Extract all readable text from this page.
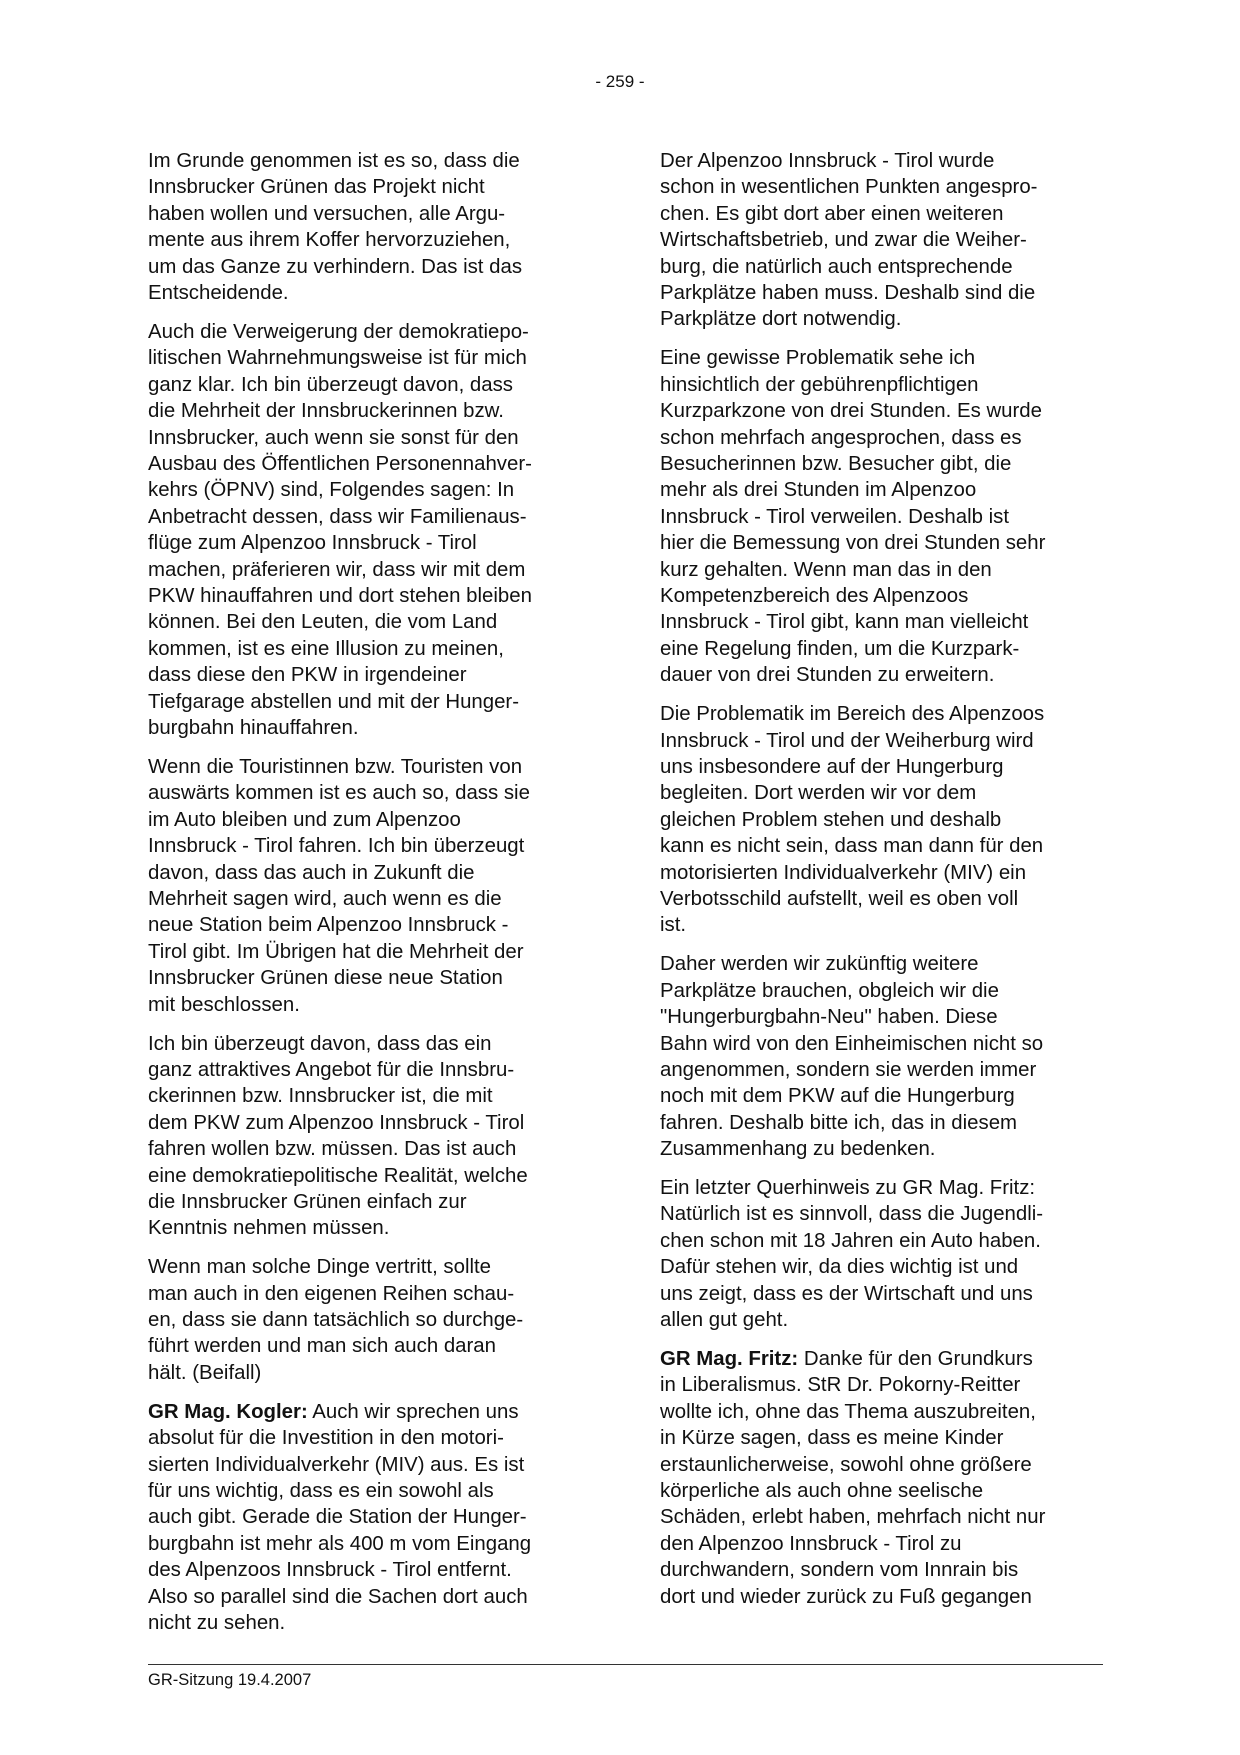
- 259 -

Im Grunde genommen ist es so, dass die
Innsbrucker Grünen das Projekt nicht
haben wollen und versuchen, alle Argu-
mente aus ihrem Koffer hervorzuziehen,
um das Ganze zu verhindern. Das ist das
Entscheidende.

Auch die Verweigerung der demokratiepo-
litischen Wahrnehmungsweise ist für mich
ganz klar. Ich bin überzeugt davon, dass
die Mehrheit der Innsbruckerinnen bzw.
Innsbrucker, auch wenn sie sonst für den
Ausbau des Öffentlichen Personennahver-
kehrs (ÖPNV) sind, Folgendes sagen: In
Anbetracht dessen, dass wir Familienaus-
flüge zum Alpenzoo Innsbruck - Tirol
machen, präferieren wir, dass wir mit dem
PKW hinauffahren und dort stehen bleiben
können. Bei den Leuten, die vom Land
kommen, ist es eine Illusion zu meinen,
dass diese den PKW in irgendeiner
Tiefgarage abstellen und mit der Hunger-
burgbahn hinauffahren.

Wenn die Touristinnen bzw. Touristen von
auswärts kommen ist es auch so, dass sie
im Auto bleiben und zum Alpenzoo
Innsbruck - Tirol fahren. Ich bin überzeugt
davon, dass das auch in Zukunft die
Mehrheit sagen wird, auch wenn es die
neue Station beim Alpenzoo Innsbruck -
Tirol gibt. Im Übrigen hat die Mehrheit der
Innsbrucker Grünen diese neue Station
mit beschlossen.

Ich bin überzeugt davon, dass das ein
ganz attraktives Angebot für die Innsbru-
ckerinnen bzw. Innsbrucker ist, die mit
dem PKW zum Alpenzoo Innsbruck - Tirol
fahren wollen bzw. müssen. Das ist auch
eine demokratiepolitische Realität, welche
die Innsbrucker Grünen einfach zur
Kenntnis nehmen müssen.

Wenn man solche Dinge vertritt, sollte
man auch in den eigenen Reihen schau-
en, dass sie dann tatsächlich so durchge-
führt werden und man sich auch daran
hält. (Beifall)

GR Mag. Kogler: Auch wir sprechen uns
absolut für die Investition in den motori-
sierten Individualverkehr (MIV) aus. Es ist
für uns wichtig, dass es ein sowohl als
auch gibt. Gerade die Station der Hunger-
burgbahn ist mehr als 400 m vom Eingang
des Alpenzoos Innsbruck - Tirol entfernt.
Also so parallel sind die Sachen dort auch
nicht zu sehen.

Der Alpenzoo Innsbruck - Tirol wurde
schon in wesentlichen Punkten angespro-
chen. Es gibt dort aber einen weiteren
Wirtschaftsbetrieb, und zwar die Weiher-
burg, die natürlich auch entsprechende
Parkplätze haben muss. Deshalb sind die
Parkplätze dort notwendig.

Eine gewisse Problematik sehe ich
hinsichtlich der gebührenpflichtigen
Kurzparkzone von drei Stunden. Es wurde
schon mehrfach angesprochen, dass es
Besucherinnen bzw. Besucher gibt, die
mehr als drei Stunden im Alpenzoo
Innsbruck - Tirol verweilen. Deshalb ist
hier die Bemessung von drei Stunden sehr
kurz gehalten. Wenn man das in den
Kompetenzbereich des Alpenzoos
Innsbruck - Tirol gibt, kann man vielleicht
eine Regelung finden, um die Kurzpark-
dauer von drei Stunden zu erweitern.

Die Problematik im Bereich des Alpenzoos
Innsbruck - Tirol und der Weiherburg wird
uns insbesondere auf der Hungerburg
begleiten. Dort werden wir vor dem
gleichen Problem stehen und deshalb
kann es nicht sein, dass man dann für den
motorisierten Individualverkehr (MIV) ein
Verbotsschild aufstellt, weil es oben voll
ist.

Daher werden wir zukünftig weitere
Parkplätze brauchen, obgleich wir die
"Hungerburgbahn-Neu" haben. Diese
Bahn wird von den Einheimischen nicht so
angenommen, sondern sie werden immer
noch mit dem PKW auf die Hungerburg
fahren. Deshalb bitte ich, das in diesem
Zusammenhang zu bedenken.

Ein letzter Querhinweis zu GR Mag. Fritz:
Natürlich ist es sinnvoll, dass die Jugendli-
chen schon mit 18 Jahren ein Auto haben.
Dafür stehen wir, da dies wichtig ist und
uns zeigt, dass es der Wirtschaft und uns
allen gut geht.

GR Mag. Fritz: Danke für den Grundkurs
in Liberalismus. StR Dr. Pokorny-Reitter
wollte ich, ohne das Thema auszubreiten,
in Kürze sagen, dass es meine Kinder
erstaunlicherweise, sowohl ohne größere
körperliche als auch ohne seelische
Schäden, erlebt haben, mehrfach nicht nur
den Alpenzoo Innsbruck - Tirol zu
durchwandern, sondern vom Innrain bis
dort und wieder zurück zu Fuß gegangen

GR-Sitzung 19.4.2007
